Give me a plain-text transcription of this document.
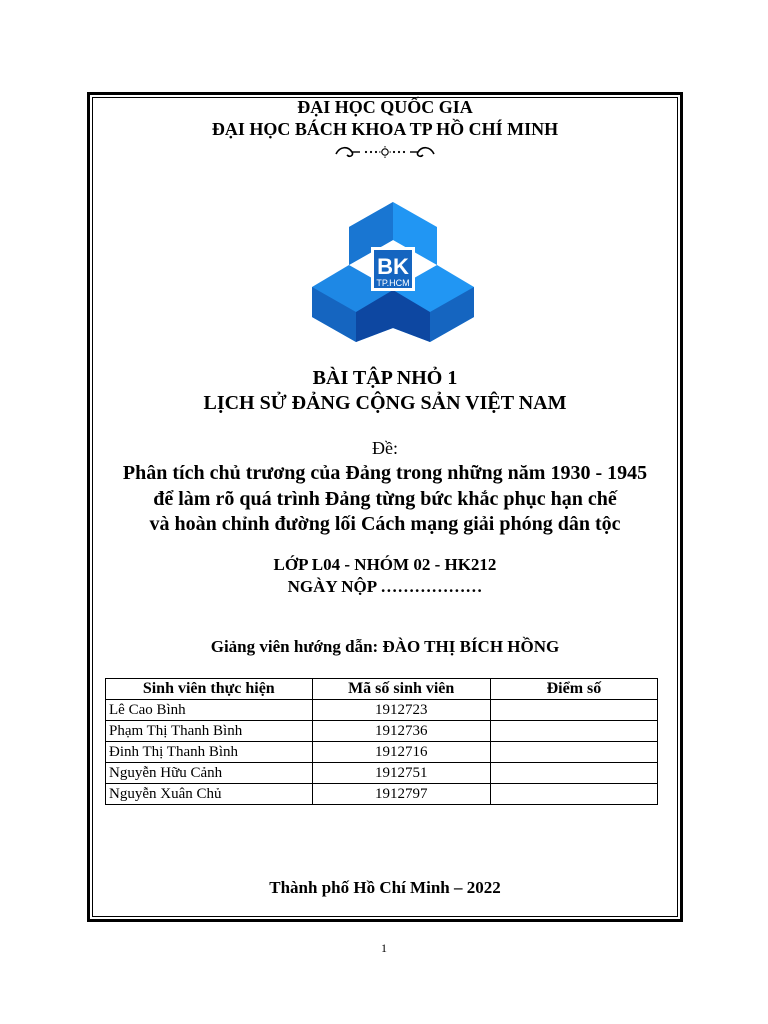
ĐẠI HỌC QUỐC GIA
ĐẠI HỌC BÁCH KHOA TP HỒ CHÍ MINH
BK
TP.HCM
BÀI TẬP NHỎ 1
LỊCH SỬ ĐẢNG CỘNG SẢN VIỆT NAM
Đề:
Phân tích chủ trương của Đảng trong những năm 1930 - 1945
để làm rõ quá trình Đảng từng bức khắc phục hạn chế
và hoàn chỉnh đường lối Cách mạng giải phóng dân tộc
LỚP L04 - NHÓM 02 - HK212
NGÀY NỘP ………………
Giảng viên hướng dẫn: ĐÀO THỊ BÍCH HỒNG
Sinh viên thực hiện	Mã số sinh viên	Điểm số
Lê Cao Bình	1912723	
Phạm Thị Thanh Bình	1912736	
Đinh Thị Thanh Bình	1912716	
Nguyễn Hữu Cảnh	1912751	
Nguyễn Xuân Chủ	1912797	
Thành phố Hồ Chí Minh – 2022
1
